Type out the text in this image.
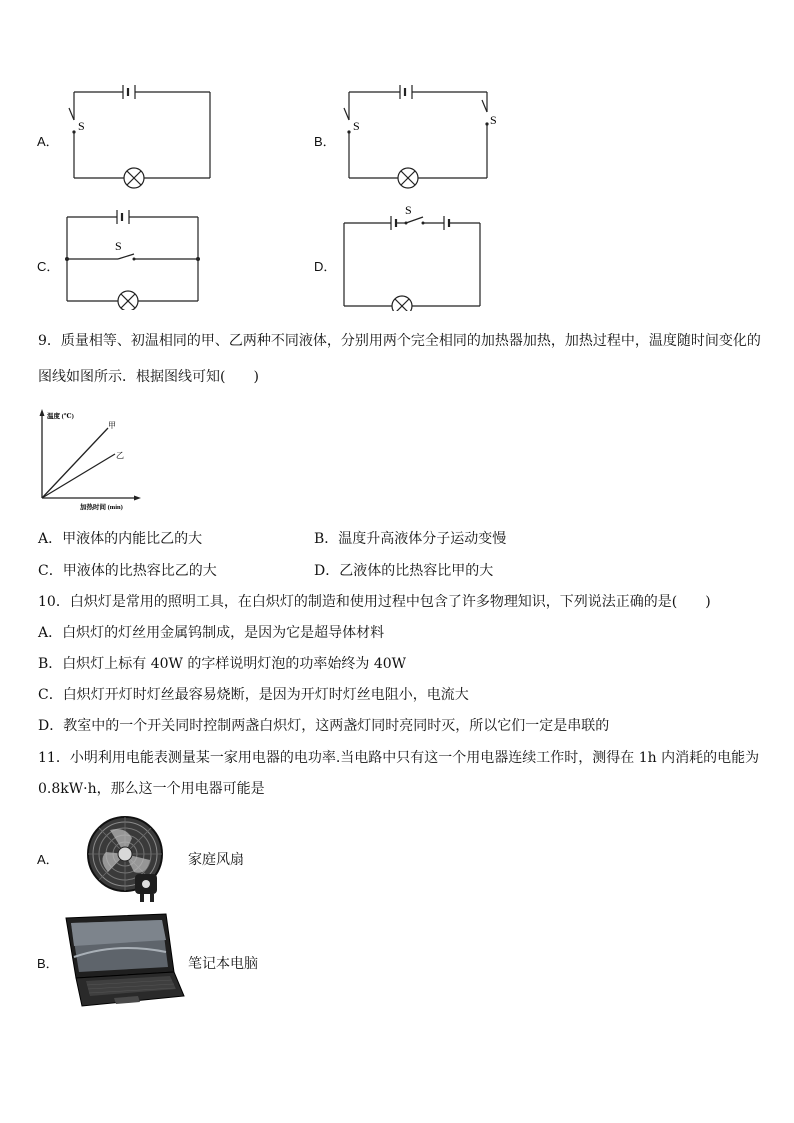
A．
S
B．
S	S
C．
S
D．
S
9．质量相等、初温相同的甲、乙两种不同液体，分别用两个完全相同的加热器加热，加热过程中，温度随时间变化的
图线如图所示．根据图线可知(　　)
温度 (℃)
加热时间 (min)
甲
乙
A．甲液体的内能比乙的大	B．温度升高液体分子运动变慢
C．甲液体的比热容比乙的大	D．乙液体的比热容比甲的大
10．白炽灯是常用的照明工具，在白炽灯的制造和使用过程中包含了许多物理知识，下列说法正确的是(　　)
A．白炽灯的灯丝用金属钨制成，是因为它是超导体材料
B．白炽灯上标有 40W 的字样说明灯泡的功率始终为 40W
C．白炽灯开灯时灯丝最容易烧断，是因为开灯时灯丝电阻小，电流大
D．教室中的一个开关同时控制两盏白炽灯，这两盏灯同时亮同时灭，所以它们一定是串联的
11．小明利用电能表测量某一家用电器的电功率.当电路中只有这一个用电器连续工作时，测得在 1h 内消耗的电能为
0.8kW·h，那么这一个用电器可能是
A．	家庭风扇
B．	笔记本电脑
